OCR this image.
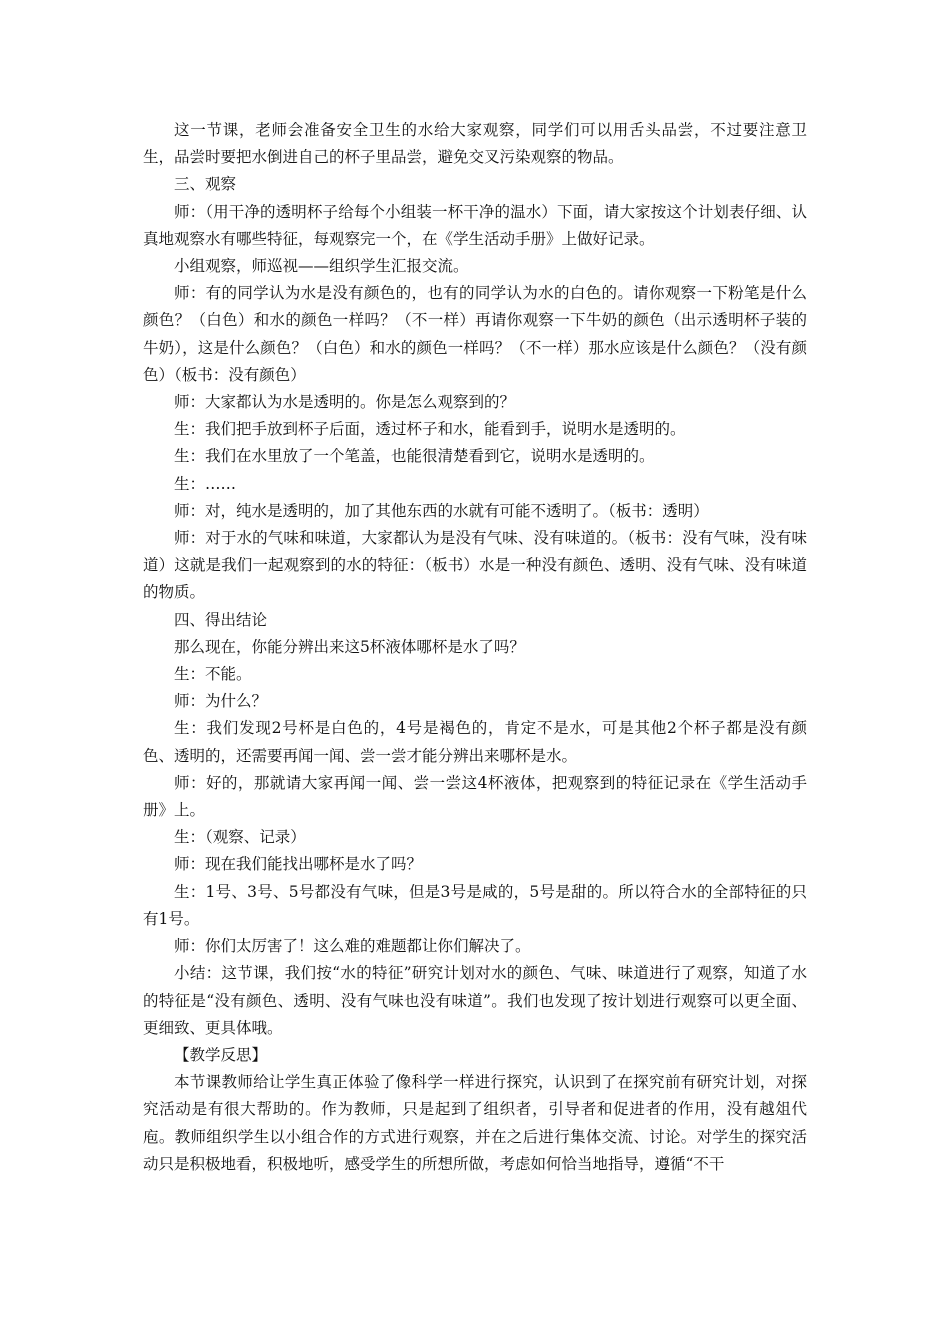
这一节课，老师会准备安全卫生的水给大家观察，同学们可以用舌头品尝，不过要注意卫生，品尝时要把水倒进自己的杯子里品尝，避免交叉污染观察的物品。

三、观察

师：（用干净的透明杯子给每个小组装一杯干净的温水）下面，请大家按这个计划表仔细、认真地观察水有哪些特征，每观察完一个，在《学生活动手册》上做好记录。

小组观察，师巡视——组织学生汇报交流。

师：有的同学认为水是没有颜色的，也有的同学认为水的白色的。请你观察一下粉笔是什么颜色？（白色）和水的颜色一样吗？（不一样）再请你观察一下牛奶的颜色（出示透明杯子装的牛奶），这是什么颜色？（白色）和水的颜色一样吗？（不一样）那水应该是什么颜色？（没有颜色）（板书：没有颜色）

师：大家都认为水是透明的。你是怎么观察到的？

生：我们把手放到杯子后面，透过杯子和水，能看到手，说明水是透明的。

生：我们在水里放了一个笔盖，也能很清楚看到它，说明水是透明的。

生：……

师：对，纯水是透明的，加了其他东西的水就有可能不透明了。（板书：透明）

师：对于水的气味和味道，大家都认为是没有气味、没有味道的。（板书：没有气味，没有味道）这就是我们一起观察到的水的特征：（板书）水是一种没有颜色、透明、没有气味、没有味道的物质。

四、得出结论

那么现在，你能分辨出来这5杯液体哪杯是水了吗？

生：不能。

师：为什么？

生：我们发现2号杯是白色的，4号是褐色的，肯定不是水，可是其他2个杯子都是没有颜色、透明的，还需要再闻一闻、尝一尝才能分辨出来哪杯是水。

师：好的，那就请大家再闻一闻、尝一尝这4杯液体，把观察到的特征记录在《学生活动手册》上。

生：（观察、记录）

师：现在我们能找出哪杯是水了吗？

生：1号、3号、5号都没有气味，但是3号是咸的，5号是甜的。所以符合水的全部特征的只有1号。

师：你们太厉害了！这么难的难题都让你们解决了。

小结：这节课，我们按“水的特征”研究计划对水的颜色、气味、味道进行了观察，知道了水的特征是“没有颜色、透明、没有气味也没有味道”。我们也发现了按计划进行观察可以更全面、更细致、更具体哦。

【教学反思】

本节课教师给让学生真正体验了像科学一样进行探究，认识到了在探究前有研究计划，对探究活动是有很大帮助的。作为教师，只是起到了组织者，引导者和促进者的作用，没有越俎代庖。教师组织学生以小组合作的方式进行观察，并在之后进行集体交流、讨论。对学生的探究活动只是积极地看，积极地听，感受学生的所想所做，考虑如何恰当地指导，遵循“不干
